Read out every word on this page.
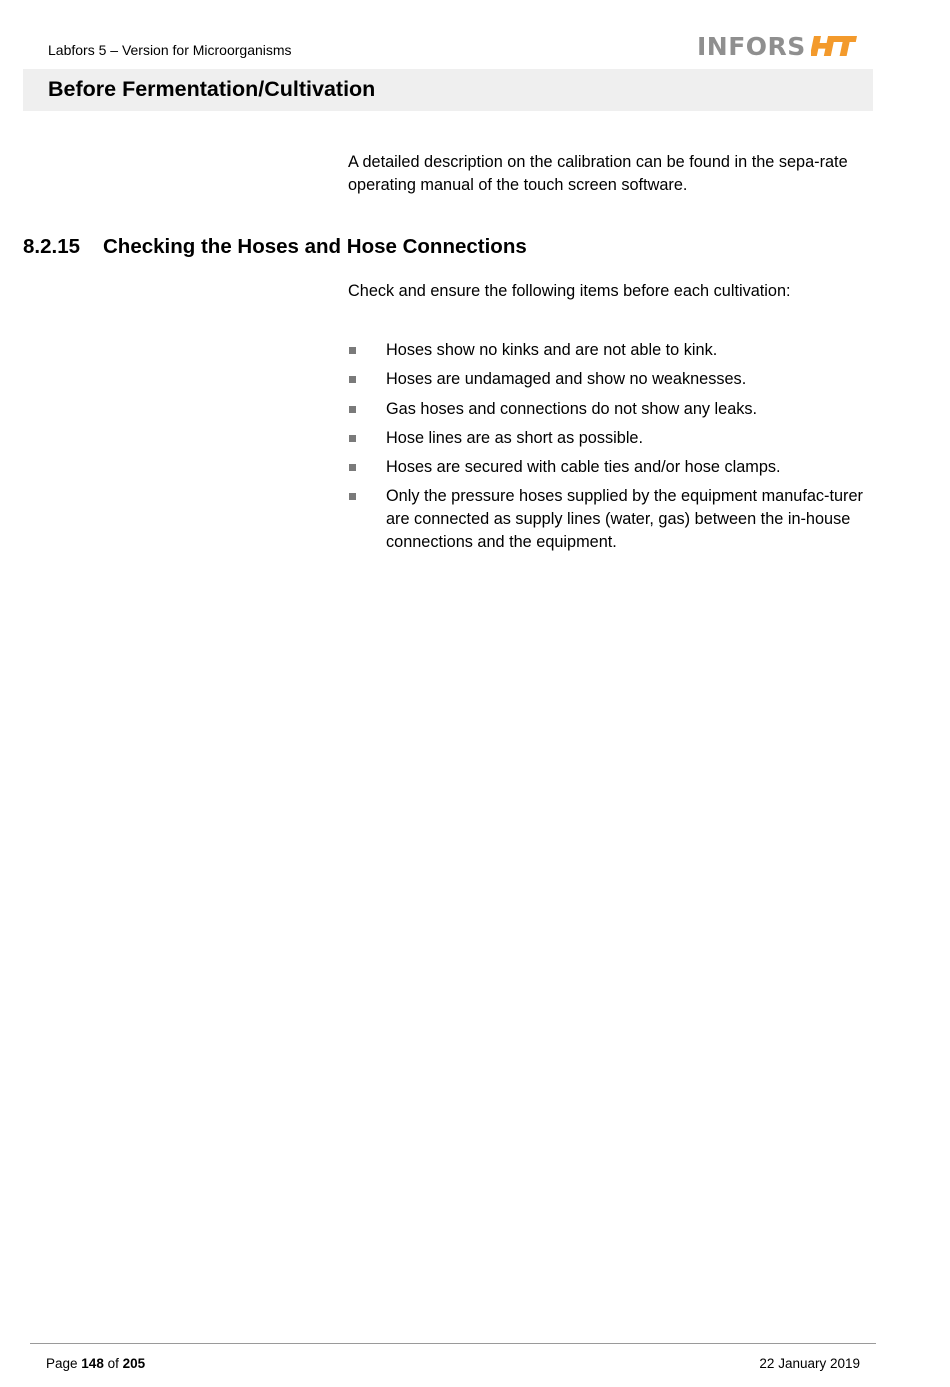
Labfors 5 – Version for Microorganisms	INFORS
Before Fermentation/Cultivation
A detailed description on the calibration can be found in the sepa-rate operating manual of the touch screen software.
8.2.15	Checking the Hoses and Hose Connections
Check and ensure the following items before each cultivation:
Hoses show no kinks and are not able to kink.
Hoses are undamaged and show no weaknesses.
Gas hoses and connections do not show any leaks.
Hose lines are as short as possible.
Hoses are secured with cable ties and/or hose clamps.
Only the pressure hoses supplied by the equipment manufac-turer are connected as supply lines (water, gas) between the in-house connections and the equipment.
Page 148 of 205	22 January 2019
